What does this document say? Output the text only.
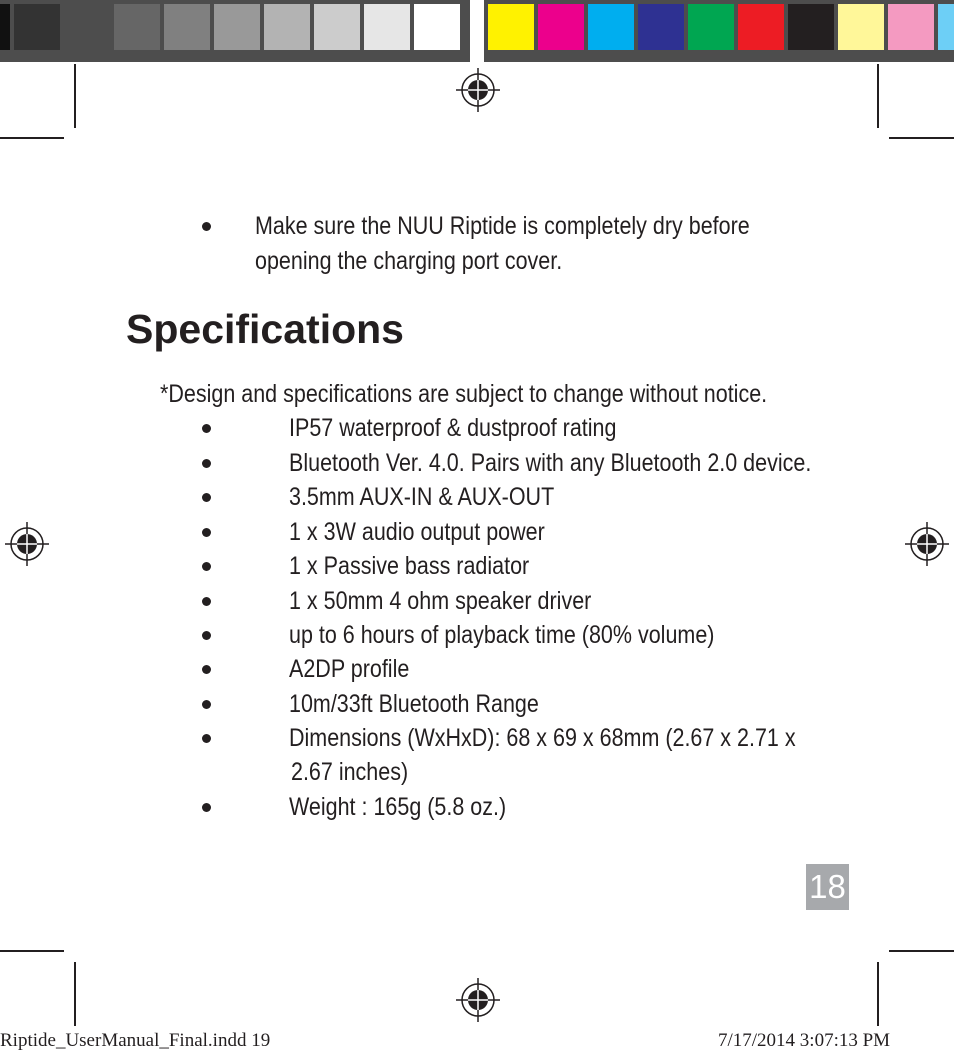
Make sure the NUU Riptide is completely dry before
opening the charging port cover.
Specifications
*Design and specifications are subject to change without notice.
IP57 waterproof & dustproof rating
Bluetooth Ver. 4.0. Pairs with any Bluetooth 2.0 device.
3.5mm AUX-IN & AUX-OUT
1 x 3W audio output power
1 x Passive bass radiator
1 x 50mm 4 ohm speaker driver
up to 6 hours of playback time (80% volume)
A2DP profile
10m/33ft Bluetooth Range
Dimensions (WxHxD): 68 x 69 x 68mm (2.67 x 2.71 x
Weight : 165g (5.8 oz.)
2.67 inches)
18
Riptide_UserManual_Final.indd 19	7/17/2014 3:07:13 PM
